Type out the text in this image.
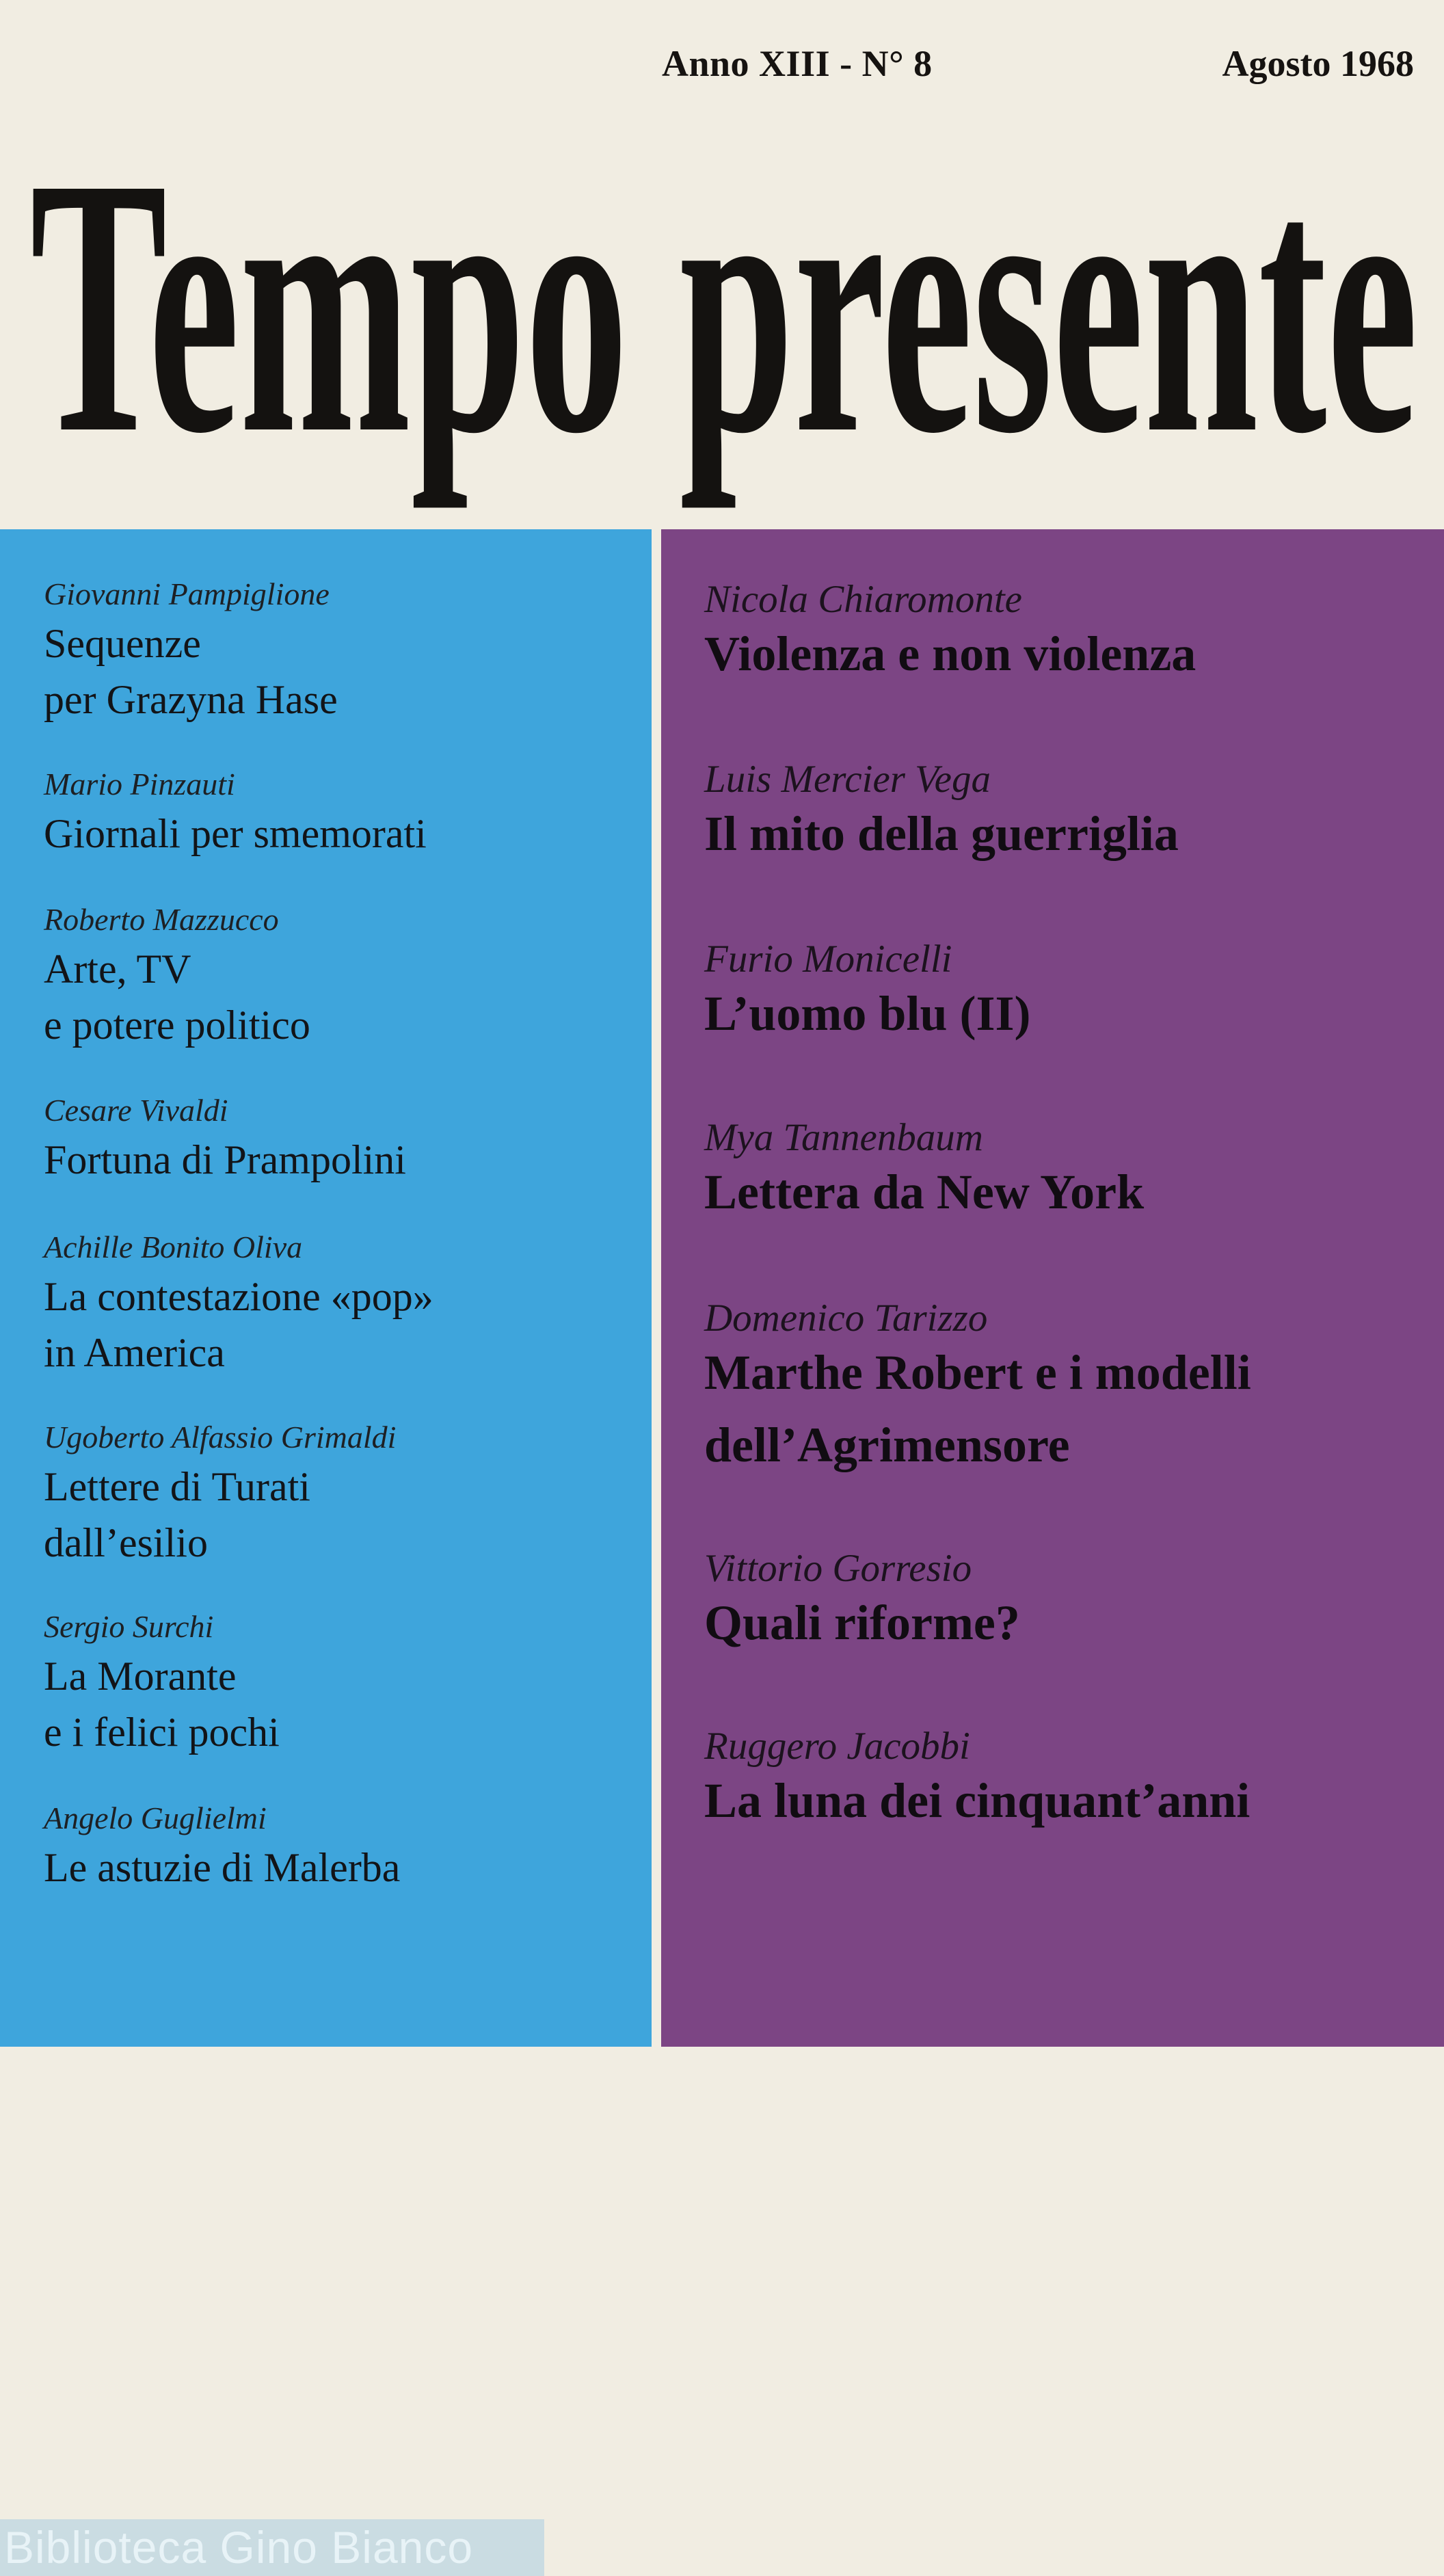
Anno XIII - N° 8	Agosto 1968
Tempo presente
Giovanni Pampiglione
Sequenze
per Grazyna Hase
Mario Pinzauti
Giornali per smemorati
Roberto Mazzucco
Arte, TV
e potere politico
Cesare Vivaldi
Fortuna di Prampolini
Achille Bonito Oliva
La contestazione «pop»
in America
Ugoberto Alfassio Grimaldi
Lettere di Turati
dall’esilio
Sergio Surchi
La Morante
e i felici pochi
Angelo Guglielmi
Le astuzie di Malerba
Biblioteca Gino Bianco
Nicola Chiaromonte
Violenza e non violenza
Luis Mercier Vega
Il mito della guerriglia
Furio Monicelli
L’uomo blu (II)
Mya Tannenbaum
Lettera da New York
Domenico Tarizzo
Marthe Robert e i modelli
dell’Agrimensore
Vittorio Gorresio
Quali riforme?
Ruggero Jacobbi
La luna dei cinquant’anni
